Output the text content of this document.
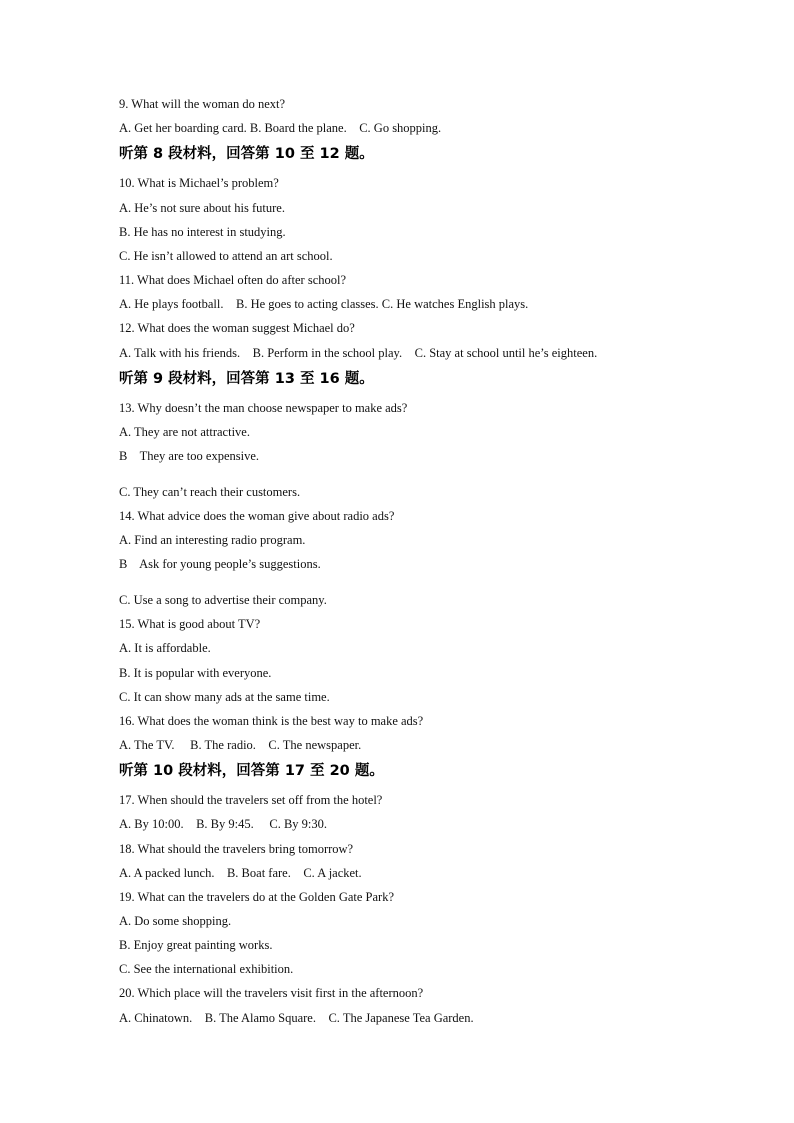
9. What will the woman do next?
A. Get her boarding card. B. Board the plane.    C. Go shopping.
听第 8 段材料，回答第 10 至 12 题。
10. What is Michael’s problem?
A. He’s not sure about his future.
B. He has no interest in studying.
C. He isn’t allowed to attend an art school.
11. What does Michael often do after school?
A. He plays football.    B. He goes to acting classes. C. He watches English plays.
12. What does the woman suggest Michael do?
A. Talk with his friends.    B. Perform in the school play.    C. Stay at school until he’s eighteen.
听第 9 段材料，回答第 13 至 16 题。
13. Why doesn’t the man choose newspaper to make ads?
A. They are not attractive.
B    They are too expensive.
C. They can’t reach their customers.
14. What advice does the woman give about radio ads?
A. Find an interesting radio program.
B    Ask for young people’s suggestions.
C. Use a song to advertise their company.
15. What is good about TV?
A. It is affordable.
B. It is popular with everyone.
C. It can show many ads at the same time.
16. What does the woman think is the best way to make ads?
A. The TV.     B. The radio.    C. The newspaper.
听第 10 段材料，回答第 17 至 20 题。
17. When should the travelers set off from the hotel?
A. By 10:00.    B. By 9:45.     C. By 9:30.
18. What should the travelers bring tomorrow?
A. A packed lunch.    B. Boat fare.    C. A jacket.
19. What can the travelers do at the Golden Gate Park?
A. Do some shopping.
B. Enjoy great painting works.
C. See the international exhibition.
20. Which place will the travelers visit first in the afternoon?
A. Chinatown.    B. The Alamo Square.    C. The Japanese Tea Garden.
